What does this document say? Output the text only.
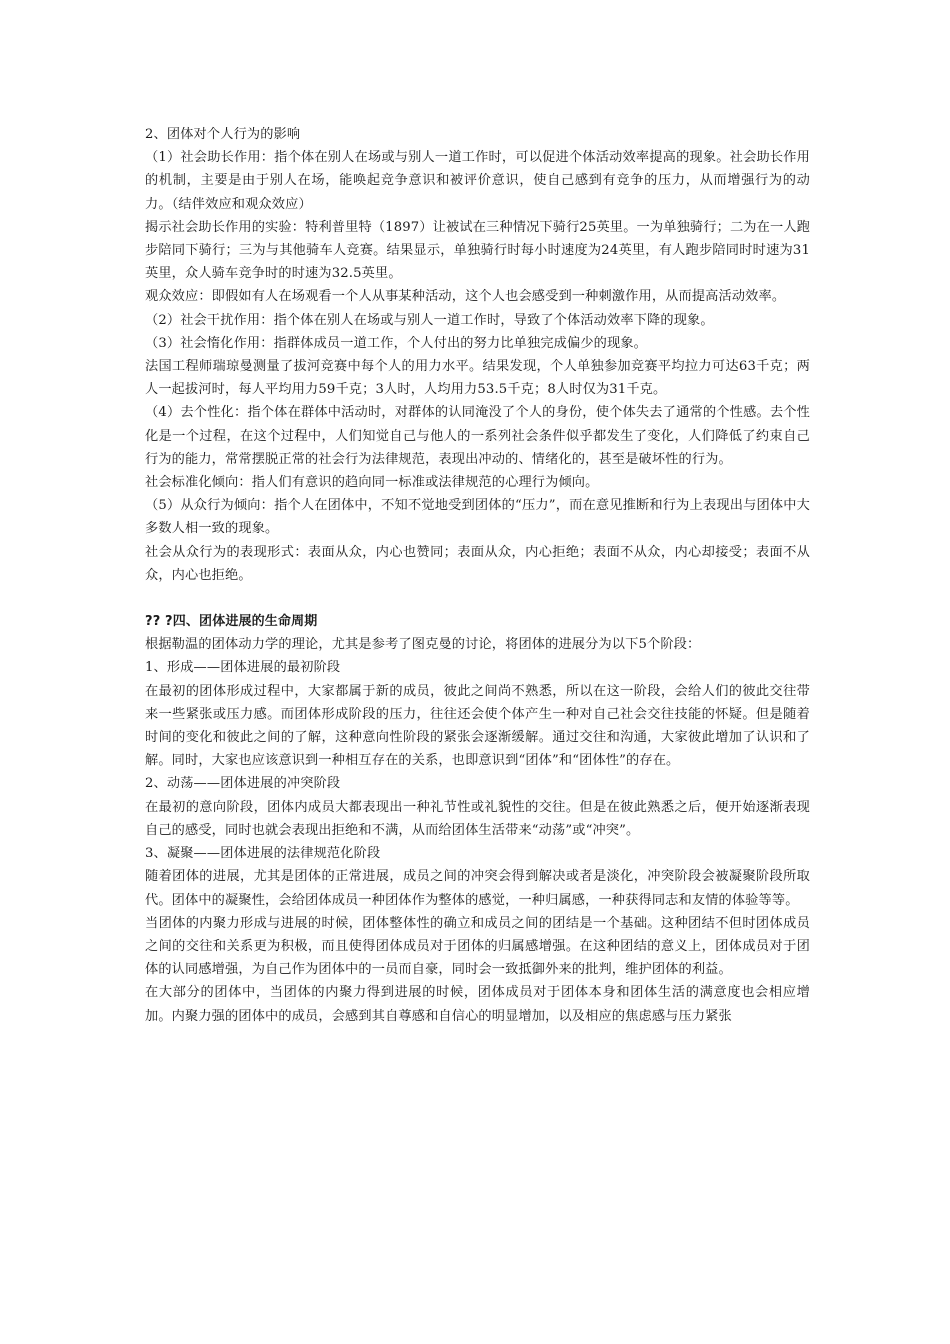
2、团体对个人行为的影响

（1）社会助长作用：指个体在别人在场或与别人一道工作时，可以促进个体活动效率提高的现象。社会助长作用的机制，主要是由于别人在场，能唤起竞争意识和被评价意识，使自己感到有竞争的压力，从而增强行为的动力。（结伴效应和观众效应）

揭示社会助长作用的实验：特利普里特（1897）让被试在三种情况下骑行25英里。一为单独骑行；二为在一人跑步陪同下骑行；三为与其他骑车人竞赛。结果显示，单独骑行时每小时速度为24英里，有人跑步陪同时时速为31英里，众人骑车竞争时的时速为32.5英里。

观众效应：即假如有人在场观看一个人从事某种活动，这个人也会感受到一种刺激作用，从而提高活动效率。

（2）社会干扰作用：指个体在别人在场或与别人一道工作时，导致了个体活动效率下降的现象。

（3）社会惰化作用：指群体成员一道工作，个人付出的努力比单独完成偏少的现象。

法国工程师瑞琼曼测量了拔河竞赛中每个人的用力水平。结果发现，个人单独参加竞赛平均拉力可达63千克；两人一起拔河时，每人平均用力59千克；3人时，人均用力53.5千克；8人时仅为31千克。

（4）去个性化：指个体在群体中活动时，对群体的认同淹没了个人的身份，使个体失去了通常的个性感。去个性化是一个过程，在这个过程中，人们知觉自己与他人的一系列社会条件似乎都发生了变化，人们降低了约束自己行为的能力，常常摆脱正常的社会行为法律规范，表现出冲动的、情绪化的，甚至是破坏性的行为。

社会标准化倾向：指人们有意识的趋向同一标准或法律规范的心理行为倾向。

（5）从众行为倾向：指个人在团体中，不知不觉地受到团体的“压力”，而在意见推断和行为上表现出与团体中大多数人相一致的现象。

社会从众行为的表现形式：表面从众，内心也赞同；表面从众，内心拒绝；表面不从众，内心却接受；表面不从众，内心也拒绝。

?? ?四、团体进展的生命周期

根据勒温的团体动力学的理论，尤其是参考了图克曼的讨论，将团体的进展分为以下5个阶段：

1、形成——团体进展的最初阶段

在最初的团体形成过程中，大家都属于新的成员，彼此之间尚不熟悉，所以在这一阶段，会给人们的彼此交往带来一些紧张或压力感。而团体形成阶段的压力，往往还会使个体产生一种对自己社会交往技能的怀疑。但是随着时间的变化和彼此之间的了解，这种意向性阶段的紧张会逐渐缓解。通过交往和沟通，大家彼此增加了认识和了解。同时，大家也应该意识到一种相互存在的关系，也即意识到“团体”和“团体性”的存在。

2、动荡——团体进展的冲突阶段

在最初的意向阶段，团体内成员大都表现出一种礼节性或礼貌性的交往。但是在彼此熟悉之后，便开始逐渐表现自己的感受，同时也就会表现出拒绝和不满，从而给团体生活带来“动荡”或“冲突”。

3、凝聚——团体进展的法律规范化阶段

随着团体的进展，尤其是团体的正常进展，成员之间的冲突会得到解决或者是淡化，冲突阶段会被凝聚阶段所取代。团体中的凝聚性，会给团体成员一种团体作为整体的感觉，一种归属感，一种获得同志和友情的体验等等。

当团体的内聚力形成与进展的时候，团体整体性的确立和成员之间的团结是一个基础。这种团结不但时团体成员之间的交往和关系更为积极，而且使得团体成员对于团体的归属感增强。在这种团结的意义上，团体成员对于团体的认同感增强，为自己作为团体中的一员而自豪，同时会一致抵御外来的批判，维护团体的利益。

在大部分的团体中，当团体的内聚力得到进展的时候，团体成员对于团体本身和团体生活的满意度也会相应增加。内聚力强的团体中的成员，会感到其自尊感和自信心的明显增加，以及相应的焦虑感与压力紧张
